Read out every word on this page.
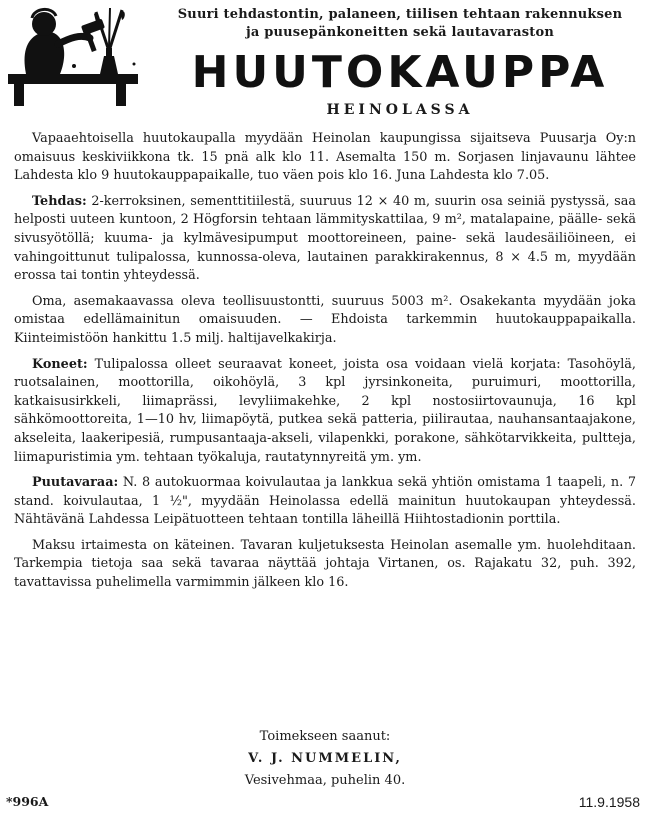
Suuri tehdastontin, palaneen, tiilisen tehtaan rakennuksen
ja puusepänkoneitten sekä lautavaraston
HUUTOKAUPPA
HEINOLASSA

Vapaaehtoisella huutokaupalla myydään Heinolan kaupungissa sijaitseva Puusarja Oy:n omaisuus keskiviikkona tk. 15 pnä alk klo 11. Asemalta 150 m. Sorjasen linjavaunu lähtee Lahdesta klo 9 huutokauppapaikalle, tuo väen pois klo 16. Juna Lahdesta klo 7.05.

Tehdas: 2-kerroksinen, sementtitiilestä, suuruus 12 × 40 m, suurin osa seiniä pystyssä, saa helposti uuteen kuntoon, 2 Högforsin tehtaan lämmityskattilaa, 9 m², matalapaine, päälle- sekä sivusyötöllä; kuuma- ja kylmävesipumput moottoreineen, paine- sekä laudesäiliöineen, ei vahingoittunut tulipalossa, kunnossa-oleva, lautainen parakkirakennus, 8 × 4.5 m, myydään erossa tai tontin yhteydessä.

Oma, asemakaavassa oleva teollisuustontti, suuruus 5003 m². Osakekanta myydään joka omistaa edellämainitun omaisuuden. — Ehdoista tarkemmin huutokauppapaikalla. Kiinteimistöön hankittu 1.5 milj. haltijavelkakirja.

Koneet: Tulipalossa olleet seuraavat koneet, joista osa voidaan vielä korjata: Tasohöylä, ruotsalainen, moottorilla, oikohöylä, 3 kpl jyrsinkoneita, puruimuri, moottorilla, katkaisusirkkeli, liimaprässi, levyliimakehke, 2 kpl nostosiirtovaunuja, 16 kpl sähkömoottoreita, 1—10 hv, liimapöytä, putkea sekä patteria, piilirautaa, nauhansantaajakone, akseleita, laakeripesiä, rumpusantaaja-akseli, vilapenkki, porakone, sähkötarvikkeita, pultteja, liimapuristimia ym. tehtaan työkaluja, rautatynnyreitä ym. ym.

Puutavaraa: N. 8 autokuormaa koivulautaa ja lankkua sekä yhtiön omistama 1 taapeli, n. 7 stand. koivulautaa, 1 ½", myydään Heinolassa edellä mainitun huutokaupan yhteydessä. Nähtävänä Lahdessa Leipätuotteen tehtaan tontilla läheillä Hiihtostadionin porttila.

Maksu irtaimesta on käteinen. Tavaran kuljetuksesta Heinolan asemalle ym. huolehditaan. Tarkempia tietoja saa sekä tavaraa näyttää johtaja Virtanen, os. Rajakatu 32, puh. 392, tavattavissa puhelimella varmimmin jälkeen klo 16.

Toimekseen saanut:
V. J. NUMMELIN,
Vesivehmaa, puhelin 40.
*996A	11.9.1958
